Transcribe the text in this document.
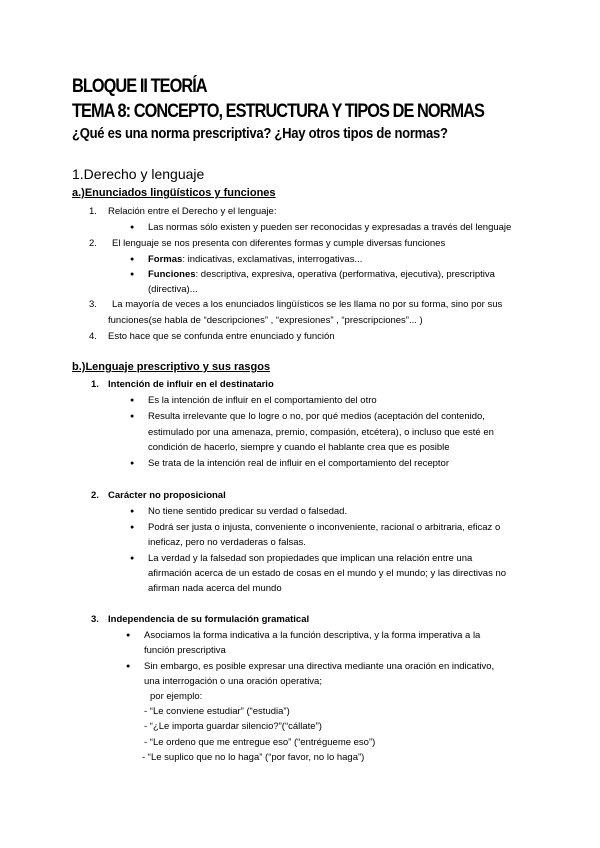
BLOQUE II TEORÍA
TEMA 8: CONCEPTO, ESTRUCTURA Y TIPOS DE NORMAS
¿Qué es una norma prescriptiva? ¿Hay otros tipos de normas?
1.Derecho y lenguaje
a.)Enunciados lingüísticos y funciones
1. Relación entre el Derecho y el lenguaje:
● Las normas sólo existen y pueden ser reconocidas y expresadas a través del lenguaje
2. El lenguaje se nos presenta con diferentes formas y cumple diversas funciones
● Formas: indicativas, exclamativas, interrogativas...
● Funciones: descriptiva, expresiva, operativa (performativa, ejecutiva), prescriptiva
(directiva)...
3. La mayoría de veces a los enunciados lingüísticos se les llama no por su forma, sino por sus
funciones(se habla de “descripciones” , “expresiones” , “prescripciones”... )
4. Esto hace que se confunda entre enunciado y función
b.)Lenguaje prescriptivo y sus rasgos
1. Intención de influir en el destinatario
● Es la intención de influir en el comportamiento del otro
● Resulta irrelevante que lo logre o no, por qué medios (aceptación del contenido,
estimulado por una amenaza, premio, compasión, etcétera), o incluso que esté en
condición de hacerlo, siempre y cuando el hablante crea que es posible
● Se trata de la intención real de influir en el comportamiento del receptor
2. Carácter no proposicional
● No tiene sentido predicar su verdad o falsedad.
● Podrá ser justa o injusta, conveniente o inconveniente, racional o arbitraria, eficaz o
ineficaz, pero no verdaderas o falsas.
● La verdad y la falsedad son propiedades que implican una relación entre una
afirmación acerca de un estado de cosas en el mundo y el mundo; y las directivas no
afirman nada acerca del mundo
3. Independencia de su formulación gramatical
● Asociamos la forma indicativa a la función descriptiva, y la forma imperativa a la
función prescriptiva
● Sin embargo, es posible expresar una directiva mediante una oración en indicativo,
una interrogación o una oración operativa;
por ejemplo:
- “Le conviene estudiar” (“estudia”)
- “¿Le importa guardar silencio?”(“cállate”)
- “Le ordeno que me entregue eso” (“entrégueme eso”)
- “Le suplico que no lo haga” (“por favor, no lo haga”)
